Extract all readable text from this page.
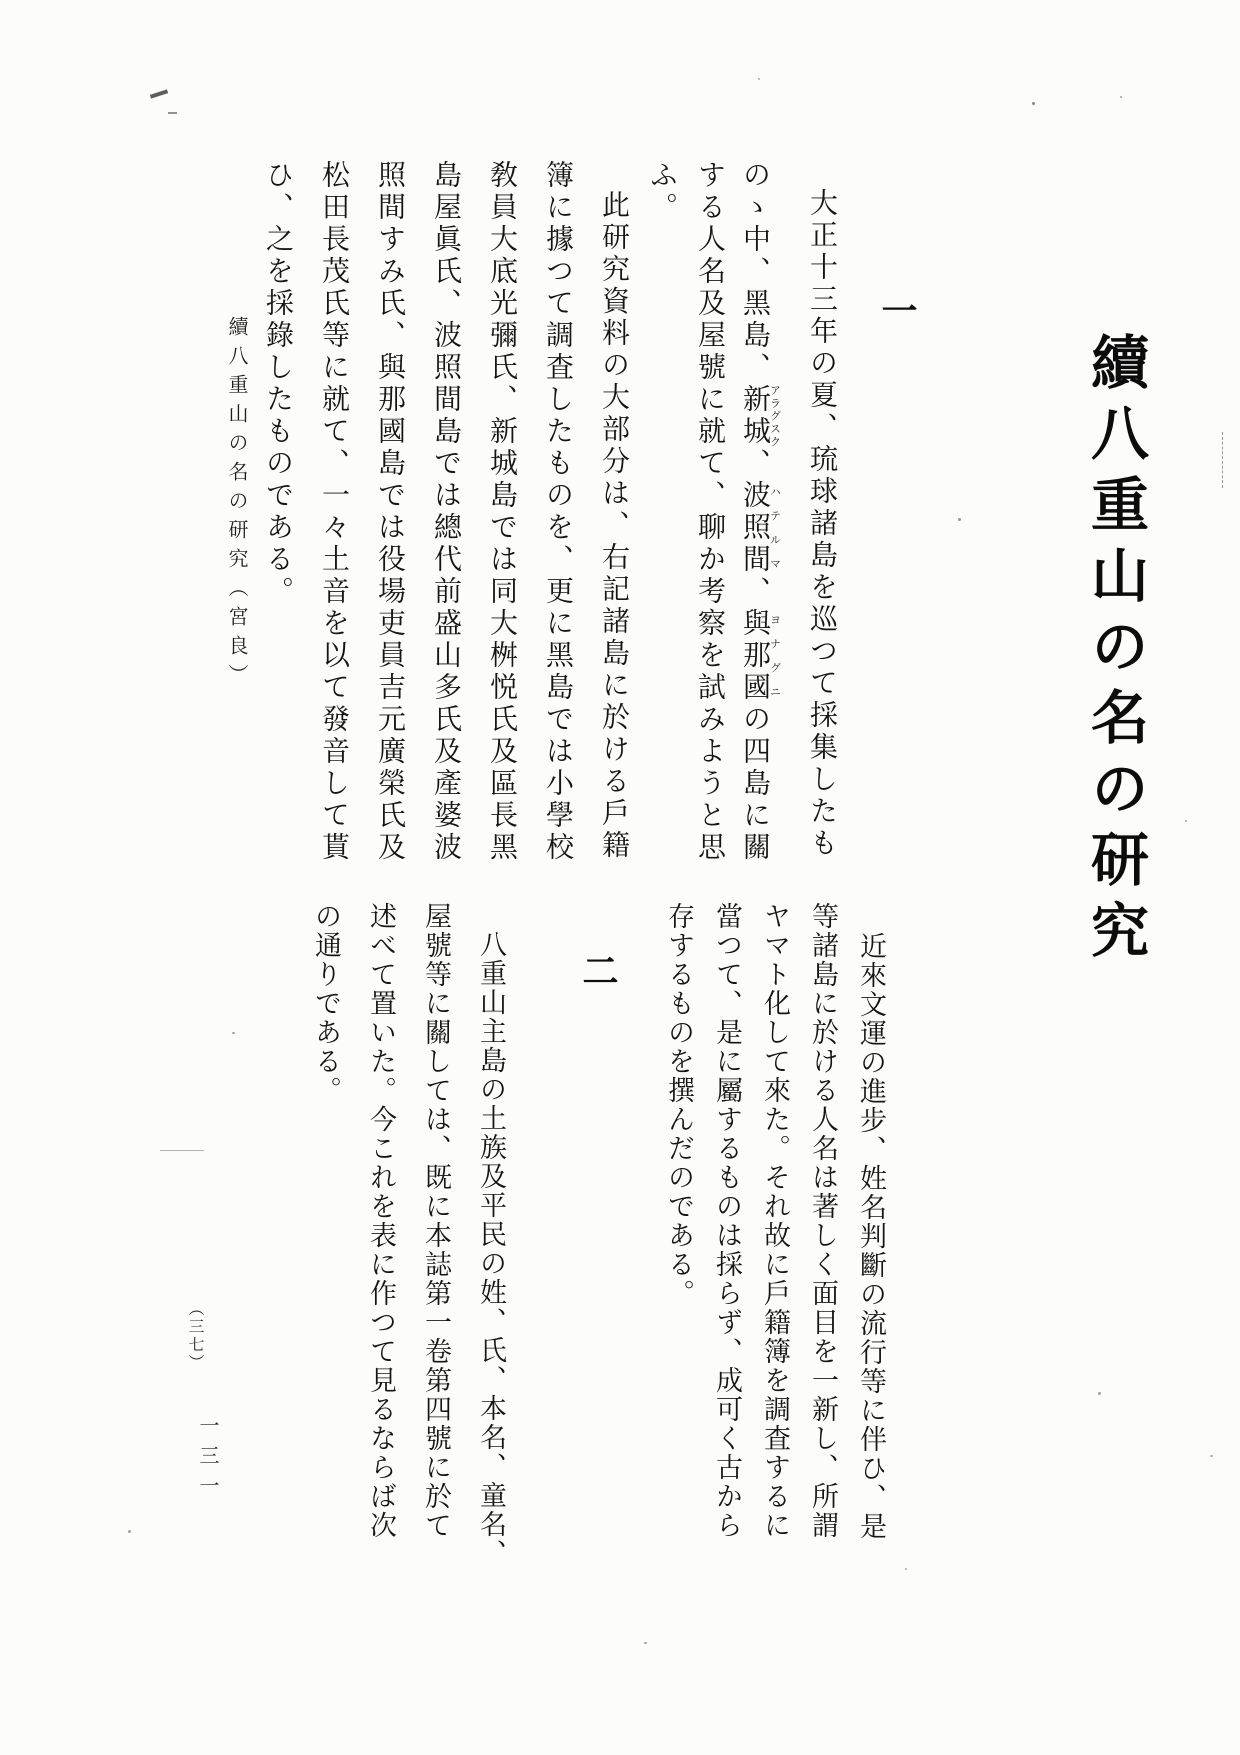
續八重山の名の研究
一
大正十三年の夏、琉球諸島を巡つて採集したも
のゝ中、黑島、新城アラグスク、波照間ハテルマ、與那國ヨナグニの四島に關
する人名及屋號に就て、聊か考察を試みようと思
ふ。
此研究資料の大部分は、右記諸島に於ける戶籍
簿に據つて調査したものを、更に黑島では小學校
敎員大底光彌氏、新城島では同大桝悦氏及區長黑
島屋眞氏、波照間島では總代前盛山多氏及產婆波
照間すみ氏、與那國島では役場吏員吉元廣榮氏及
松田長茂氏等に就て、一々土音を以て發音して貰
ひ、之を採錄したものである。
續八重山の名の研究（宮良）
近來文運の進步、姓名判斷の流行等に伴ひ、是
等諸島に於ける人名は著しく面目を一新し、所謂
ヤマト化して來た。それ故に戶籍簿を調査するに
當つて、是に屬するものは採らず、成可く古から
存するものを撰んだのである。
二
八重山主島の土族及平民の姓、氏、本名、童名、
屋號等に關しては、既に本誌第一卷第四號に於て
述べて置いた。今これを表に作つて見るならば次
の通りである。
（三七）
一三一
